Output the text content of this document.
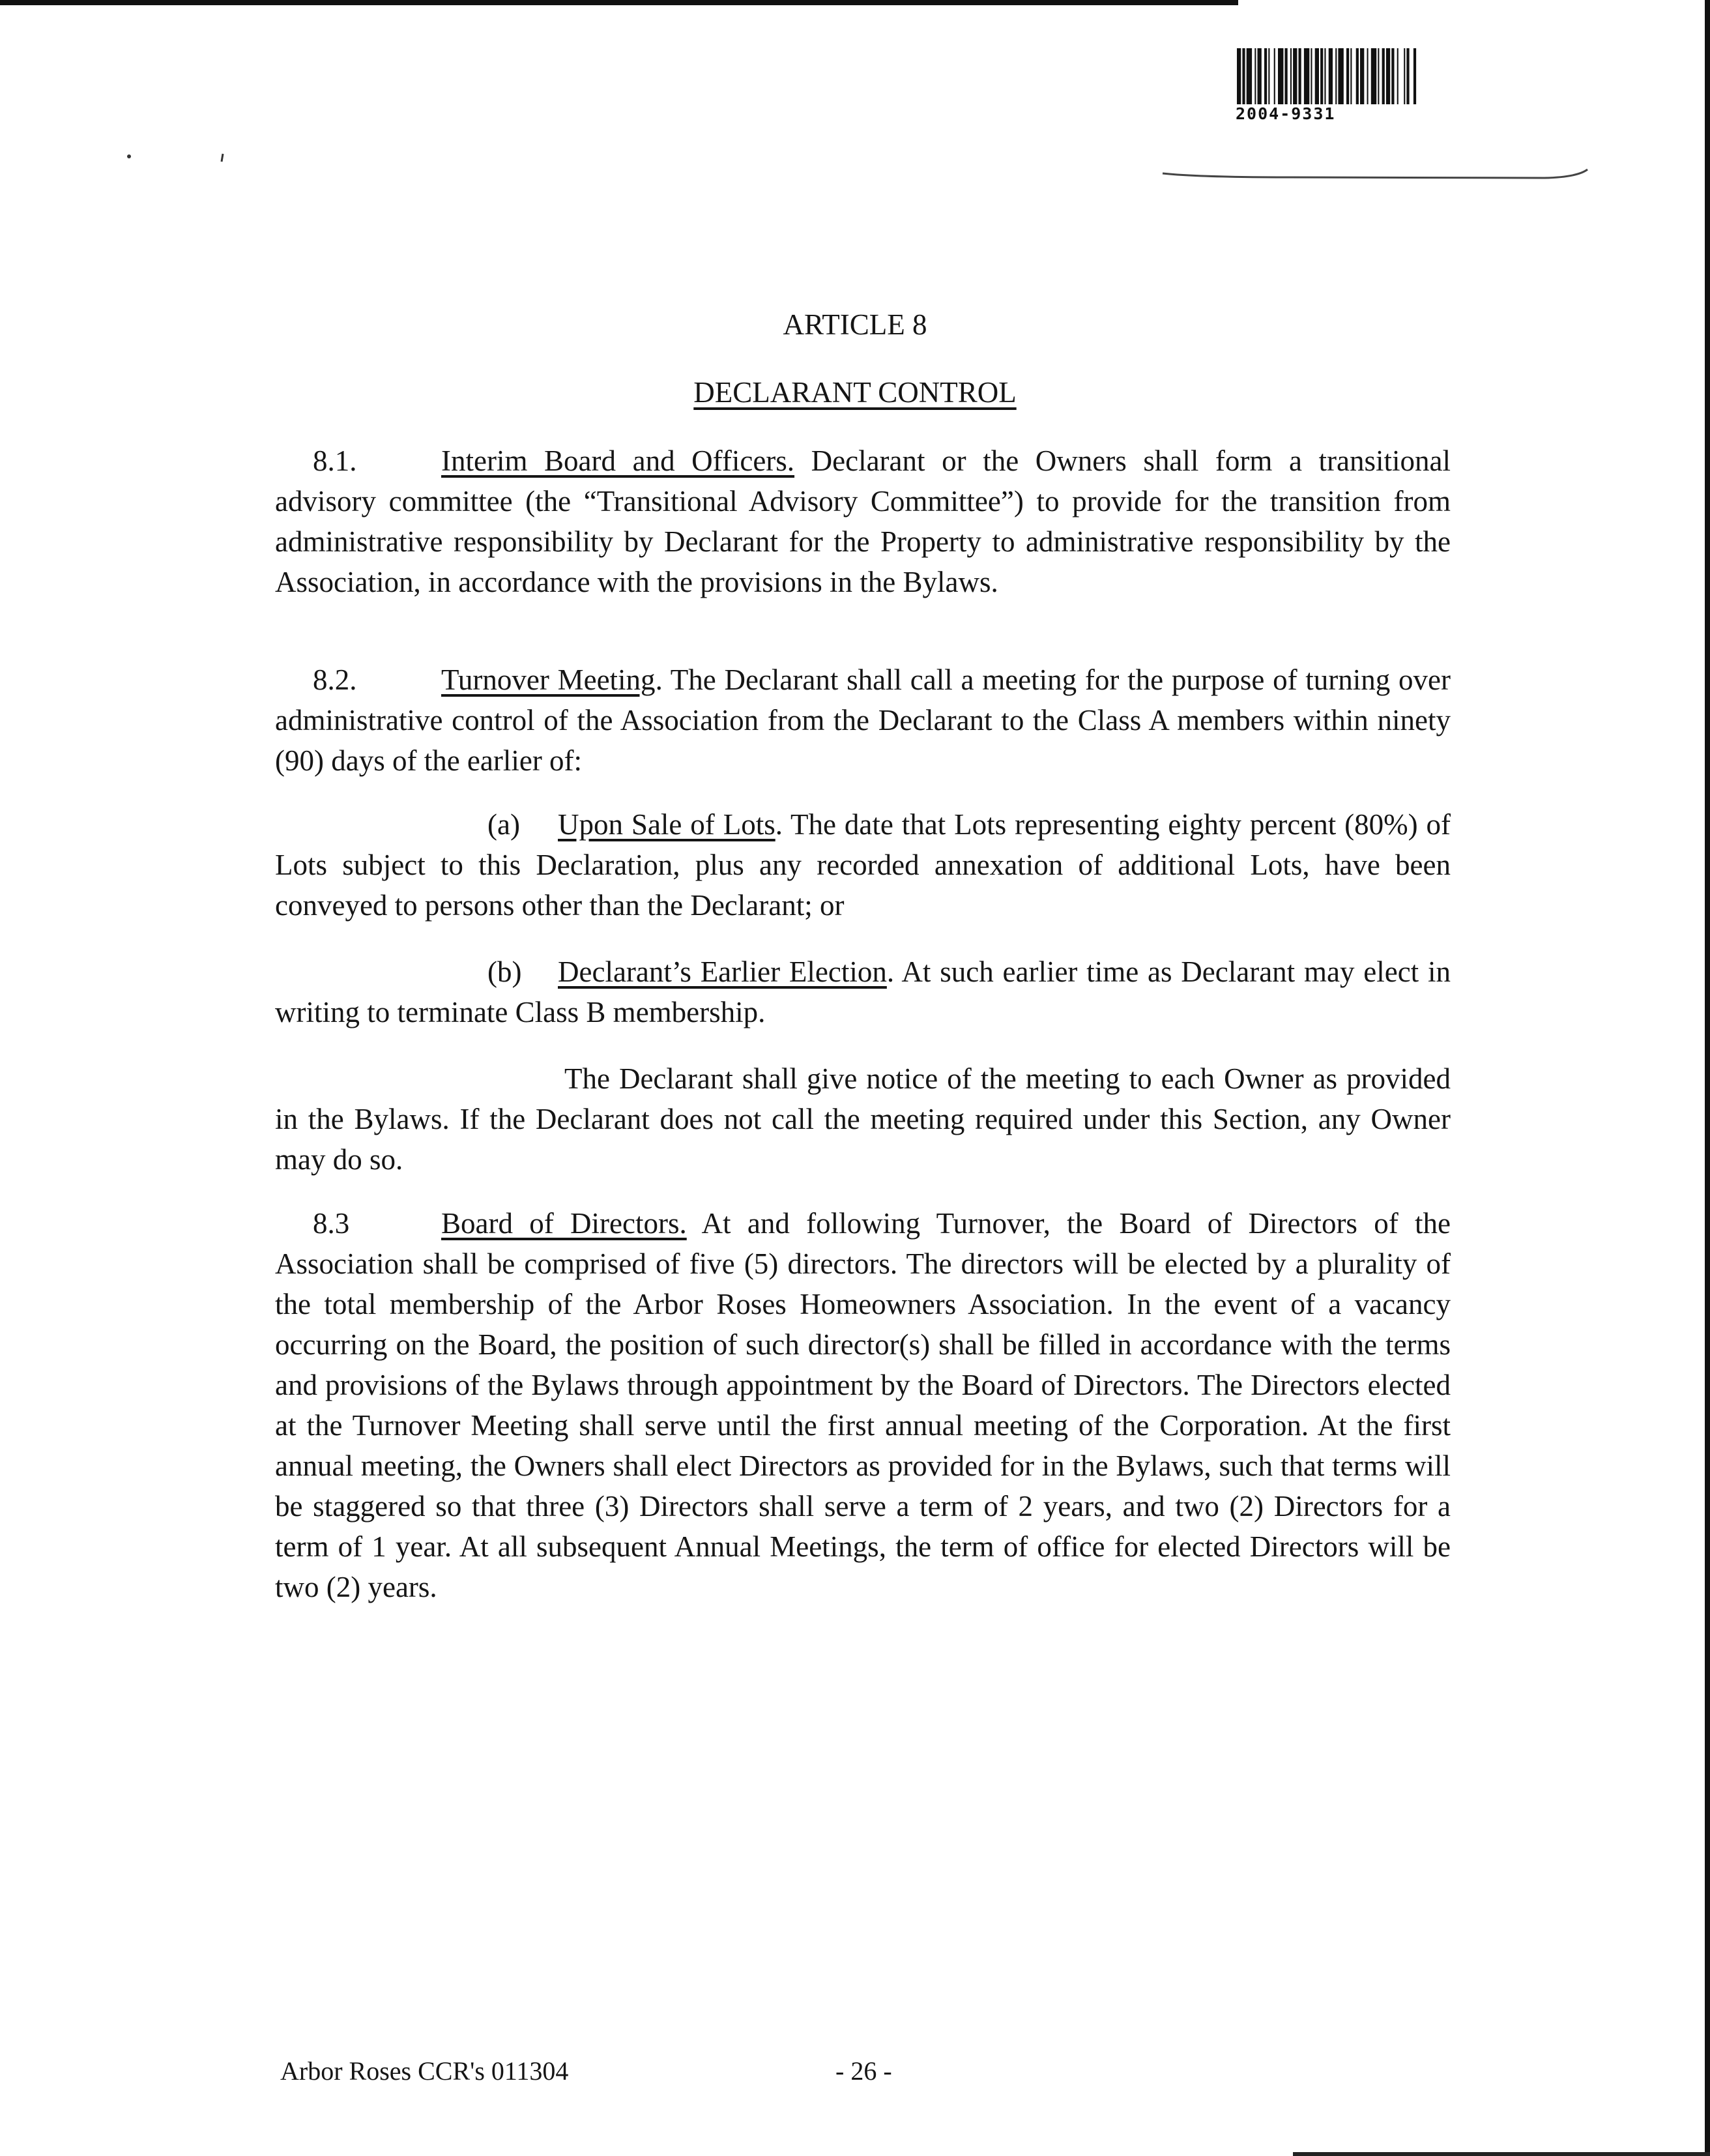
2004-9331
ARTICLE 8
DECLARANT CONTROL

8.1.	Interim Board and Officers. Declarant or the Owners shall form a transitional advisory committee (the “Transitional Advisory Committee”) to provide for the transition from administrative responsibility by Declarant for the Property to administrative responsibility by the Association, in accordance with the provisions in the Bylaws.

8.2.	Turnover Meeting. The Declarant shall call a meeting for the purpose of turning over administrative control of the Association from the Declarant to the Class A members within ninety (90) days of the earlier of:

(a) Upon Sale of Lots. The date that Lots representing eighty percent (80%) of Lots subject to this Declaration, plus any recorded annexation of additional Lots, have been conveyed to persons other than the Declarant; or

(b) Declarant’s Earlier Election. At such earlier time as Declarant may elect in writing to terminate Class B membership.

The Declarant shall give notice of the meeting to each Owner as provided in the Bylaws. If the Declarant does not call the meeting required under this Section, any Owner may do so.

8.3	Board of Directors. At and following Turnover, the Board of Directors of the Association shall be comprised of five (5) directors. The directors will be elected by a plurality of the total membership of the Arbor Roses Homeowners Association. In the event of a vacancy occurring on the Board, the position of such director(s) shall be filled in accordance with the terms and provisions of the Bylaws through appointment by the Board of Directors. The Directors elected at the Turnover Meeting shall serve until the first annual meeting of the Corporation. At the first annual meeting, the Owners shall elect Directors as provided for in the Bylaws, such that terms will be staggered so that three (3) Directors shall serve a term of 2 years, and two (2) Directors for a term of 1 year. At all subsequent Annual Meetings, the term of office for elected Directors will be two (2) years.

Arbor Roses CCR's 011304	- 26 -
